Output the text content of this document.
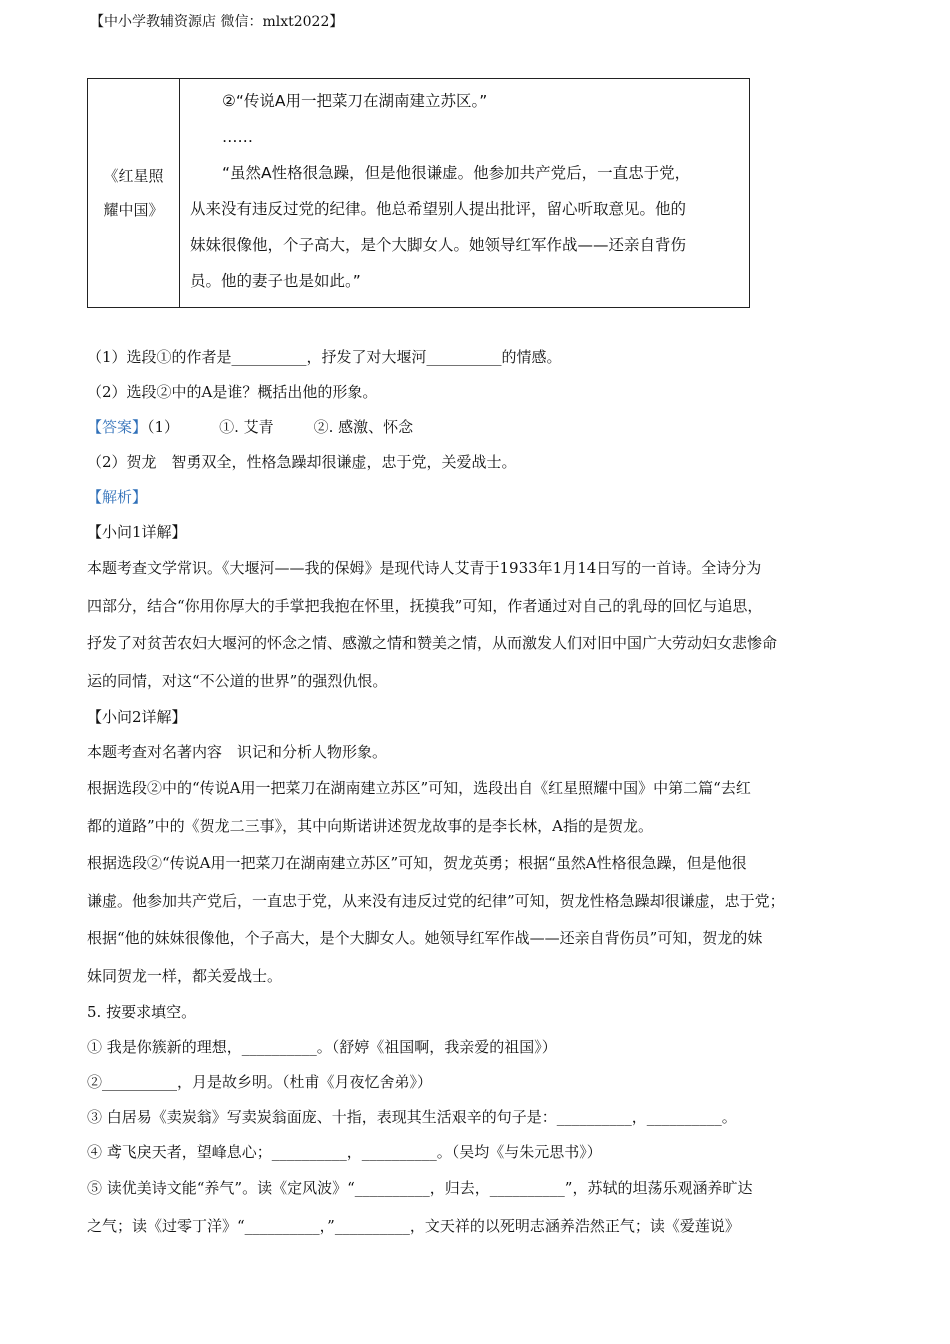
【中小学教辅资源店 微信：mlxt2022】
《红星照
耀中国》

②“传说A用一把菜刀在湖南建立苏区。”

……

“虽然A性格很急躁，但是他很谦虚。他参加共产党后，一直忠于党，

从来没有违反过党的纪律。他总希望别人提出批评，留心听取意见。他的

妹妹很像他，个子高大，是个大脚女人。她领导红军作战——还亲自背伤

员。他的妻子也是如此。”

（1）选段①的作者是__________，抒发了对大堰河__________的情感。

（2）选段②中的A是谁？概括出他的形象。

【答案】（1）	①. 艾青	②. 感激、怀念

（2）贺龙　智勇双全，性格急躁却很谦虚，忠于党，关爱战士。

【解析】

【小问1详解】

本题考查文学常识。《大堰河——我的保姆》是现代诗人艾青于1933年1月14日写的一首诗。全诗分为

四部分，结合“你用你厚大的手掌把我抱在怀里，抚摸我”可知，作者通过对自己的乳母的回忆与追思，

抒发了对贫苦农妇大堰河的怀念之情、感激之情和赞美之情，从而激发人们对旧中国广大劳动妇女悲惨命

运的同情，对这“不公道的世界”的强烈仇恨。

【小问2详解】

本题考查对名著内容　识记和分析人物形象。

根据选段②中的“传说A用一把菜刀在湖南建立苏区”可知，选段出自《红星照耀中国》中第二篇“去红

都的道路”中的《贺龙二三事》，其中向斯诺讲述贺龙故事的是李长林，A指的是贺龙。

根据选段②“传说A用一把菜刀在湖南建立苏区”可知，贺龙英勇；根据“虽然A性格很急躁，但是他很

谦虚。他参加共产党后，一直忠于党，从来没有违反过党的纪律”可知，贺龙性格急躁却很谦虚，忠于党；

根据“他的妹妹很像他，个子高大，是个大脚女人。她领导红军作战——还亲自背伤员”可知，贺龙的妹

妹同贺龙一样，都关爱战士。

5. 按要求填空。

① 我是你簇新的理想，__________。（舒婷《祖国啊，我亲爱的祖国》）

②__________，月是故乡明。（杜甫《月夜忆舍弟》）

③ 白居易《卖炭翁》写卖炭翁面庞、十指，表现其生活艰辛的句子是：__________，__________。

④ 鸢飞戾天者，望峰息心；__________，__________。（吴均《与朱元思书》）

⑤ 读优美诗文能“养气”。读《定风波》“__________，归去，__________”，苏轼的坦荡乐观涵养旷达

之气；读《过零丁洋》“__________，”__________，文天祥的以死明志涵养浩然正气；读《爱莲说》
